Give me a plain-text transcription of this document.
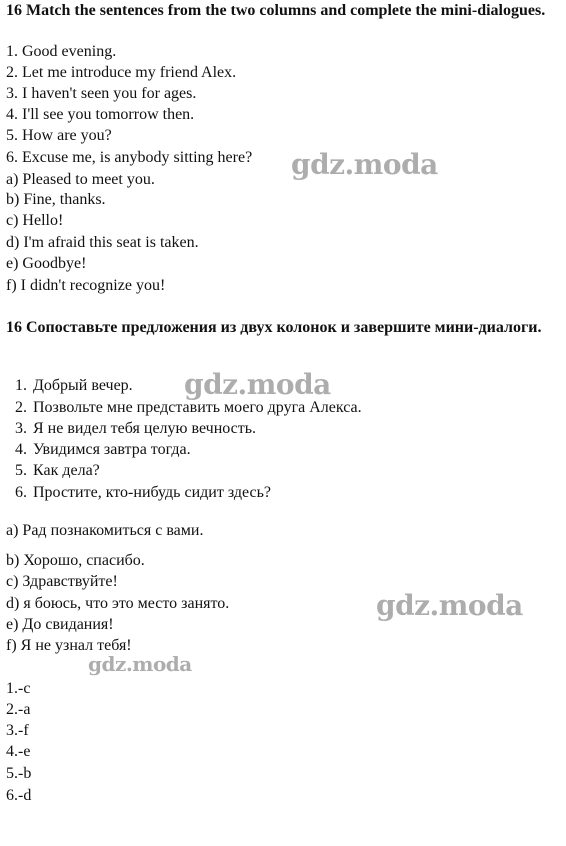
16 Match the sentences from the two columns and complete the mini-dialogues.
1. Good evening.
2. Let me introduce my friend Alex.
3. I haven't seen you for ages.
4. I'll see you tomorrow then.
5. How are you?
6. Excuse me, is anybody sitting here?
a) Pleased to meet you.
b) Fine, thanks.
c) Hello!
d) I'm afraid this seat is taken.
e) Goodbye!
f) I didn't recognize you!
16 Сопоставьте предложения из двух колонок и завершите мини-диалоги.
1. Добрый вечер.
2. Позвольте мне представить моего друга Алекса.
3. Я не видел тебя целую вечность.
4. Увидимся завтра тогда.
5. Как дела?
6. Простите, кто-нибудь сидит здесь?
a) Рад познакомиться с вами.
b) Хорошо, спасибо.
c) Здравствуйте!
d) я боюсь, что это место занято.
e) До свидания!
f) Я не узнал тебя!
1.-c
2.-a
3.-f
4.-e
5.-b
6.-d
gdz.moda
gdz.moda
gdz.moda
gdz.moda
